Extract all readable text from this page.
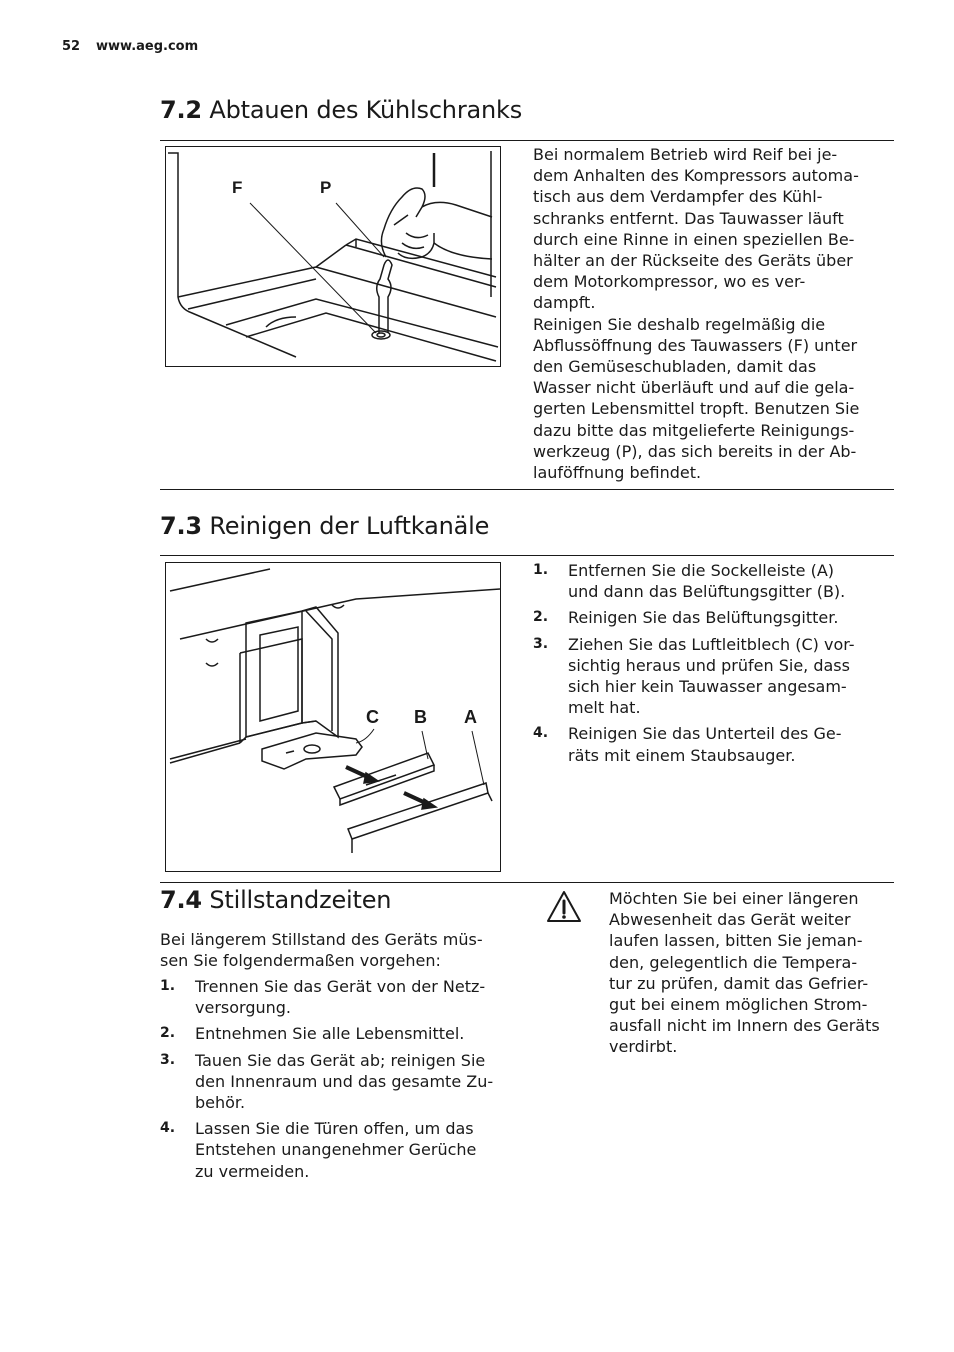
52 www.aeg.com
7.2 Abtauen des Kühlschranks
F	P

Bei normalem Betrieb wird Reif bei je-

dem Anhalten des Kompressors automa-

tisch aus dem Verdampfer des Kühl-

schranks entfernt. Das Tauwasser läuft

durch eine Rinne in einen speziellen Be-

hälter an der Rückseite des Geräts über

dem Motorkompressor, wo es ver-

dampft.

Reinigen Sie deshalb regelmäßig die

Abflussöffnung des Tauwassers (F) unter

den Gemüseschubladen, damit das

Wasser nicht überläuft und auf die gela-

gerten Lebensmittel tropft. Benutzen Sie

dazu bitte das mitgelieferte Reinigungs-

werkzeug (P), das sich bereits in der Ab-

lauföffnung befindet.

7.3 Reinigen der Luftkanäle
C B A
1. Entfernen Sie die Sockelleiste (A)
und dann das Belüftungsgitter (B).
2. Reinigen Sie das Belüftungsgitter.
3. Ziehen Sie das Luftleitblech (C) vor-
sichtig heraus und prüfen Sie, dass
sich hier kein Tauwasser angesam-
melt hat.
4. Reinigen Sie das Unterteil des Ge-
räts mit einem Staubsauger.
7.4 Stillstandzeiten

Bei längerem Stillstand des Geräts müs-

sen Sie folgendermaßen vorgehen:

1. Trennen Sie das Gerät von der Netz-
versorgung.
2. Entnehmen Sie alle Lebensmittel.
3. Tauen Sie das Gerät ab; reinigen Sie
den Innenraum und das gesamte Zu-
behör.
4. Lassen Sie die Türen offen, um das
Entstehen unangenehmer Gerüche
zu vermeiden.

Möchten Sie bei einer längeren

Abwesenheit das Gerät weiter

laufen lassen, bitten Sie jeman-

den, gelegentlich die Tempera-

tur zu prüfen, damit das Gefrier-

gut bei einem möglichen Strom-

ausfall nicht im Innern des Geräts

verdirbt.
